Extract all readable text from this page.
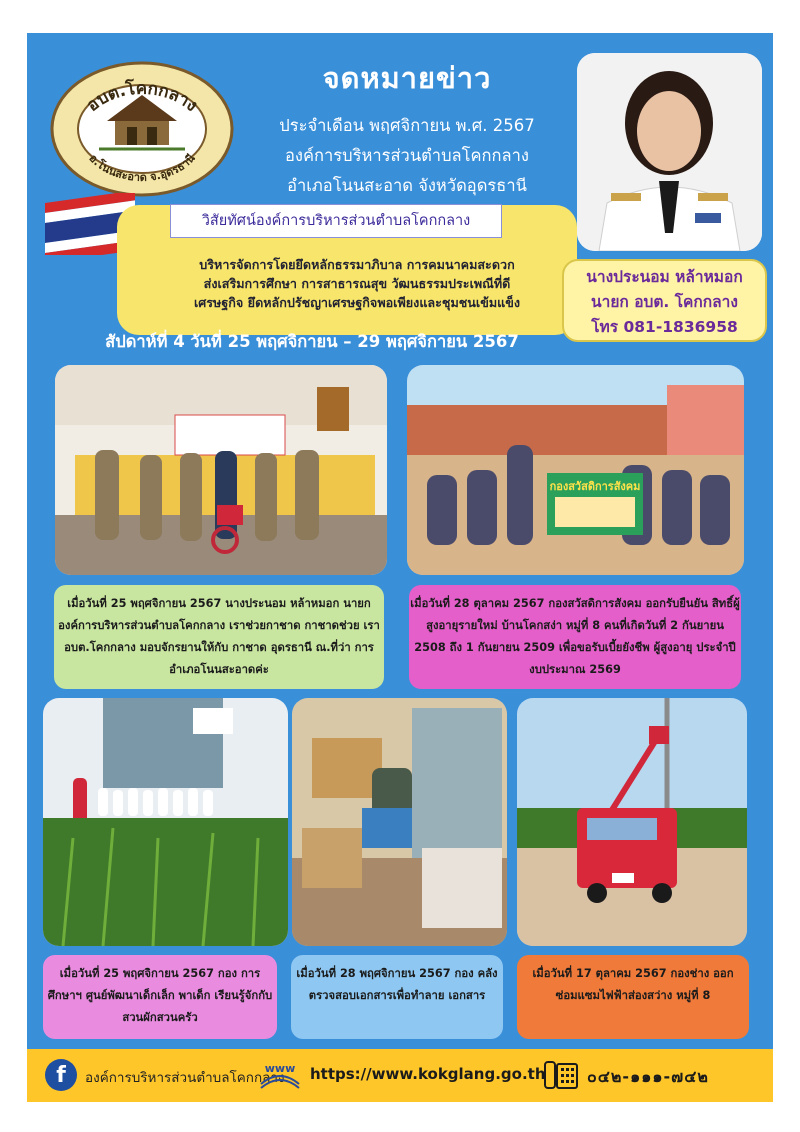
อบต.โคกกลาง
อ.โนนสะอาด จ.อุดรธานี
จดหมายข่าว
ประจำเดือน พฤศจิกายน พ.ศ. 2567
องค์การบริหารส่วนตำบลโคกกลาง
อำเภอโนนสะอาด จังหวัดอุดรธานี
วิสัยทัศน์องค์การบริหารส่วนตำบลโคกกลาง
บริหารจัดการโดยยึดหลักธรรมาภิบาล การคมนาคมสะดวก
ส่งเสริมการศึกษา การสาธารณสุข วัฒนธรรมประเพณีที่ดี
เศรษฐกิจ ยึดหลักปรัชญาเศรษฐกิจพอเพียงและชุมชนเข้มแข็ง
นางประนอม หล้าหมอก
นายก อบต. โคกกลาง
โทร 081-1836958
สัปดาห์ที่ 4 วันที่ 25 พฤศจิกายน – 29 พฤศจิกายน 2567
กองสวัสดิการสังคม
เมื่อวันที่ 25 พฤศจิกายน 2567 นางประนอม หล้าหมอก นายก องค์การบริหารส่วนตำบลโคกกลาง เราช่วยกาชาด กาชาดช่วย เรา อบต.โคกกลาง มอบจักรยานให้กับ กาชาด อุดรธานี ณ.ที่ว่า การอำเภอโนนสะอาดค่ะ
เมื่อวันที่ 28 ตุลาคม 2567 กองสวัสดิการสังคม ออกรับยืนยัน สิทธิ์ผู้สูงอายุรายใหม่ บ้านโคกสง่า หมู่ที่ 8 คนที่เกิดวันที่ 2 กันยายน 2508 ถึง 1 กันยายน 2509 เพื่อขอรับเบี้ยยังชีพ ผู้สูงอายุ ประจำปี งบประมาณ 2569
เมื่อวันที่ 25 พฤศจิกายน 2567 กอง การศึกษาฯ ศูนย์พัฒนาเด็กเล็ก พาเด็ก เรียนรู้จักกับสวนผักสวนครัว
เมื่อวันที่ 28 พฤศจิกายน 2567 กอง คลัง ตรวจสอบเอกสารเพื่อทำลาย เอกสาร
เมื่อวันที่ 17 ตุลาคม 2567 กองช่าง ออก ซ่อมแซมไฟฟ้าส่องสว่าง หมู่ที่ 8
f	องค์การบริหารส่วนตำบลโคกกลาง
www https://www.kokglang.go.th	๐๔๒-๑๑๑-๗๔๒
